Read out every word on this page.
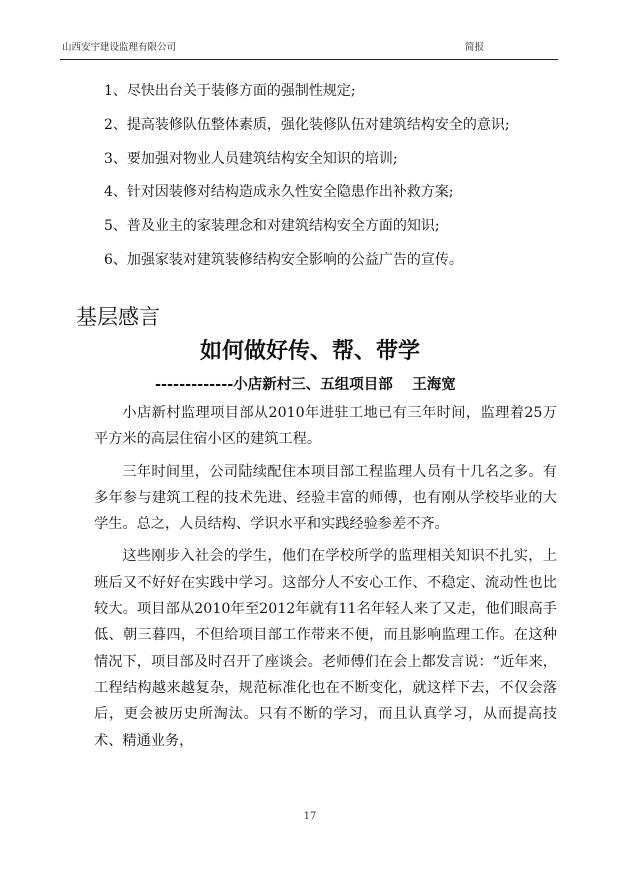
山西安宇建设监理有限公司	简报
1、尽快出台关于装修方面的强制性规定;
2、提高装修队伍整体素质，强化装修队伍对建筑结构安全的意识;
3、要加强对物业人员建筑结构安全知识的培训;
4、针对因装修对结构造成永久性安全隐患作出补救方案;
5、普及业主的家装理念和对建筑结构安全方面的知识;
6、加强家装对建筑装修结构安全影响的公益广告的宣传。
基层感言
如何做好传、帮、带学
-------------小店新村三、五组项目部　 王海宽

小店新村监理项目部从2010年进驻工地已有三年时间，监理着25万平方米的高层住宿小区的建筑工程。

三年时间里，公司陆续配住本项目部工程监理人员有十几名之多。有多年参与建筑工程的技术先进、经验丰富的师傅，也有刚从学校毕业的大学生。总之，人员结构、学识水平和实践经验参差不齐。

这些刚步入社会的学生，他们在学校所学的监理相关知识不扎实，上班后又不好好在实践中学习。这部分人不安心工作、不稳定、流动性也比较大。项目部从2010年至2012年就有11名年轻人来了又走，他们眼高手低、朝三暮四，不但给项目部工作带来不便，而且影响监理工作。在这种情况下，项目部及时召开了座谈会。老师傅们在会上都发言说：“近年来，工程结构越来越复杂，规范标准化也在不断变化，就这样下去，不仅会落后，更会被历史所淘汰。只有不断的学习，而且认真学习，从而提高技术、精通业务，

17
